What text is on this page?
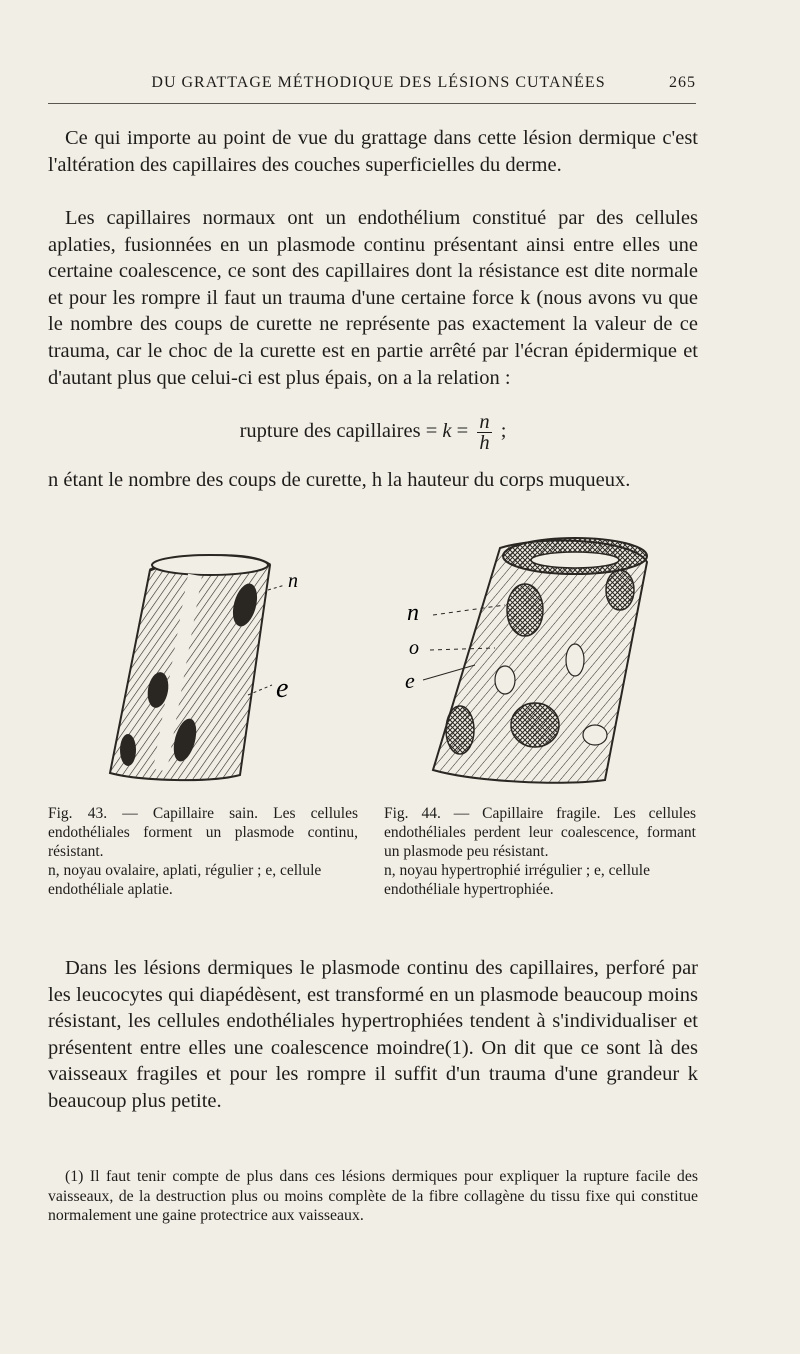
DU GRATTAGE MÉTHODIQUE DES LÉSIONS CUTANÉES	265

Ce qui importe au point de vue du grattage dans cette lésion dermique c'est l'altération des capillaires des couches superficielles du derme.

Les capillaires normaux ont un endothélium constitué par des cellules aplaties, fusionnées en un plasmode continu présentant ainsi entre elles une certaine coalescence, ce sont des capillaires dont la résistance est dite normale et pour les rompre il faut un trauma d'une certaine force k (nous avons vu que le nombre des coups de curette ne représente pas exactement la valeur de ce trauma, car le choc de la curette est en partie arrêté par l'écran épidermique et d'autant plus que celui-ci est plus épais, on a la relation :

rupture des capillaires = $k = \frac{n}{h}$ ;

n étant le nombre des coups de curette, h la hauteur du corps muqueux.

n
e
n
o
e
Fig. 43. — Capillaire sain. Les cellules endothéliales forment un plasmode continu, résistant.
n, noyau ovalaire, aplati, régulier ; e, cellule endothéliale aplatie.
Fig. 44. — Capillaire fragile. Les cellules endothéliales perdent leur coalescence, formant un plasmode peu résistant.
n, noyau hypertrophié irrégulier ; e, cellule endothéliale hypertrophiée.

Dans les lésions dermiques le plasmode continu des capillaires, perforé par les leucocytes qui diapédèsent, est transformé en un plasmode beaucoup moins résistant, les cellules endothéliales hypertrophiées tendent à s'individualiser et présentent entre elles une coalescence moindre(1). On dit que ce sont là des vaisseaux fragiles et pour les rompre il suffit d'un trauma d'une grandeur k beaucoup plus petite.

(1) Il faut tenir compte de plus dans ces lésions dermiques pour expliquer la rupture facile des vaisseaux, de la destruction plus ou moins complète de la fibre collagène du tissu fixe qui constitue normalement une gaine protectrice aux vaisseaux.
